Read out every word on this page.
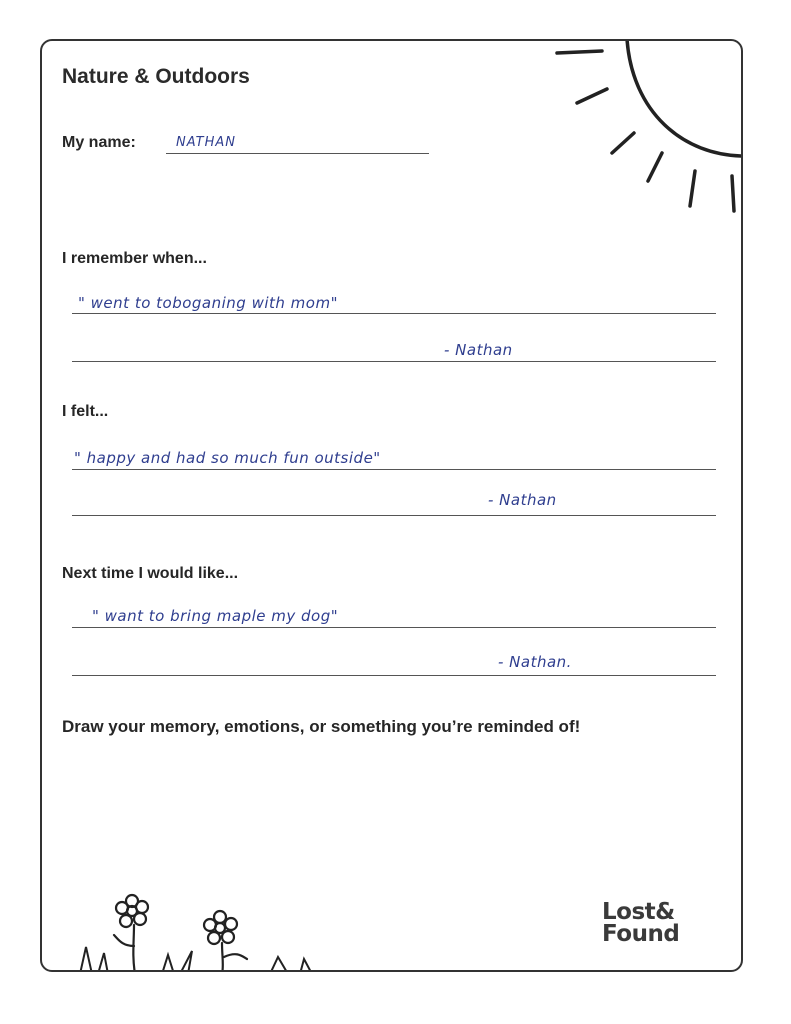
Nature & Outdoors
My name:	NATHAN
I remember when...
" went to toboganing with mom"
- Nathan
I felt...
" happy and had so much fun outside"
- Nathan
Next time I would like...
" want to bring maple my dog"
- Nathan.
Draw your memory, emotions, or something you’re reminded of!
Lost&
Found
